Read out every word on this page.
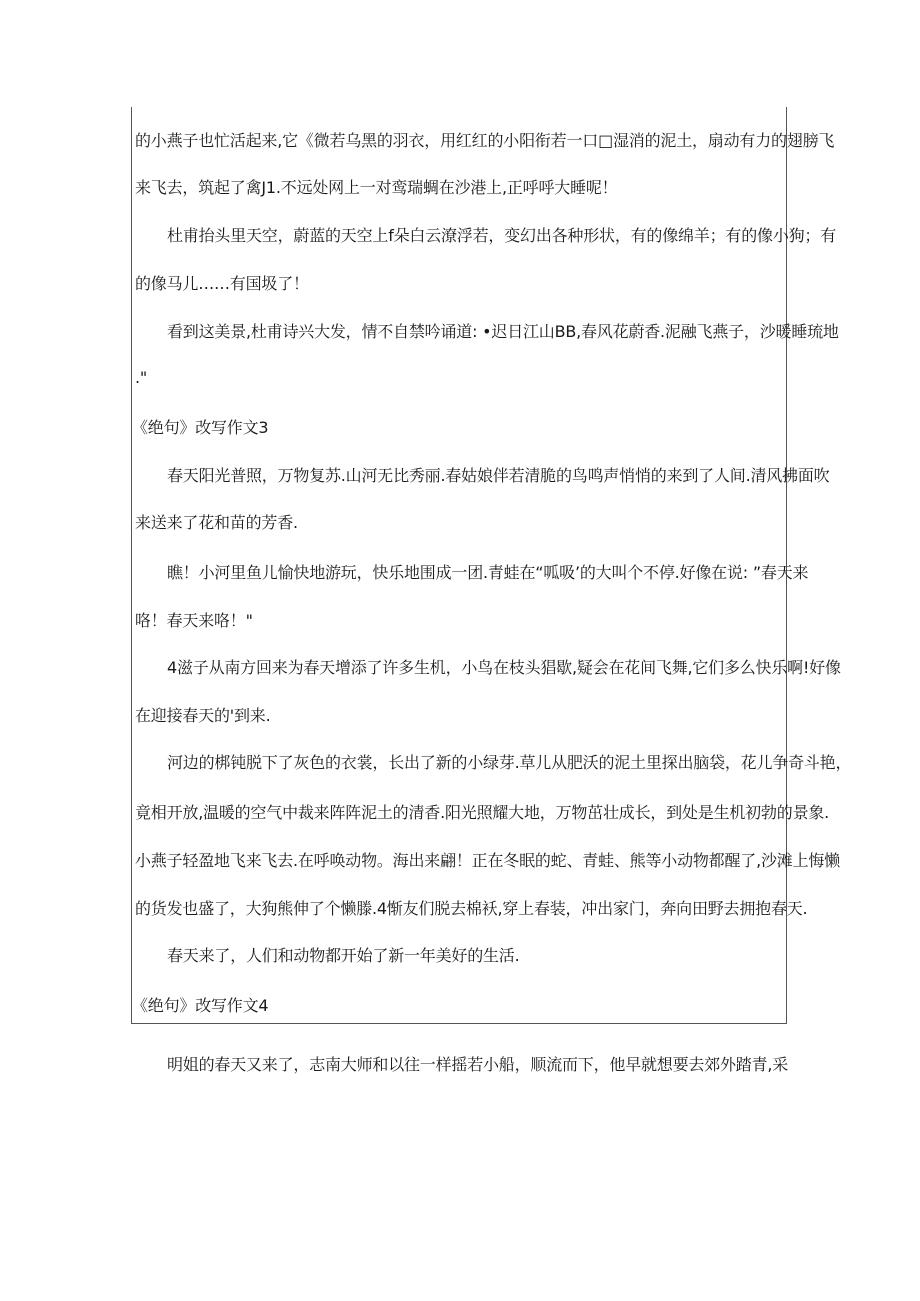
的小燕子也忙活起来,它《微若乌黑的羽衣，用红红的小阳衔若一口□湿消的泥土，扇动有力的翅膀飞
来飞去，筑起了禽J1.不远处网上一对鸾瑞蜩在沙港上,正呼呼大睡呢！
杜甫抬头里天空，蔚蓝的天空上f朵白云潦浮若，变幻出各种形状，有的像绵羊；有的像小狗；有
的像马儿……有国圾了！
看到这美景,杜甫诗兴大发，情不自禁吟诵道: •迟日江山BB,春风花蔚香.泥融飞燕子，沙暖睡琉地
."
《绝句》改写作文3
春天阳光普照，万物复苏.山河无比秀丽.春姑娘伴若清脆的鸟鸣声悄悄的来到了人间.清风拂面吹
来送来了花和苗的芳香.
瞧！小河里鱼儿愉快地游玩，快乐地围成一团.青蛙在“呱吸’的大叫个不停.好像在说: ”春天来
咯！春天来咯！"
4滋子从南方回来为春天增添了许多生机，小鸟在枝头猖歇,疑会在花间飞舞,它们多么快乐啊!好像
在迎接春天的'到来.
河边的梆钝脱下了灰色的衣裳，长出了新的小绿芽.草儿从肥沃的泥土里探出脑袋，花儿争奇斗艳，
竟相开放,温暖的空气中裁来阵阵泥土的清香.阳光照耀大地，万物茁壮成长，到处是生机初勃的景象.
小燕子轻盈地飞来飞去.在呼唤动物。海出来翩！正在冬眠的蛇、青蛙、熊等小动物都醒了,沙滩上悔懒
的货发也盛了，大狗熊伸了个懒滕.4惭友们脱去棉袄,穿上春装，冲出家门，奔向田野去拥抱春天.
春天来了，人们和动物都开始了新一年美好的生活.
《绝句》改写作文4
明姐的春天又来了，志南大师和以往一样摇若小船，顺流而下，他早就想要去郊外踏青,采
